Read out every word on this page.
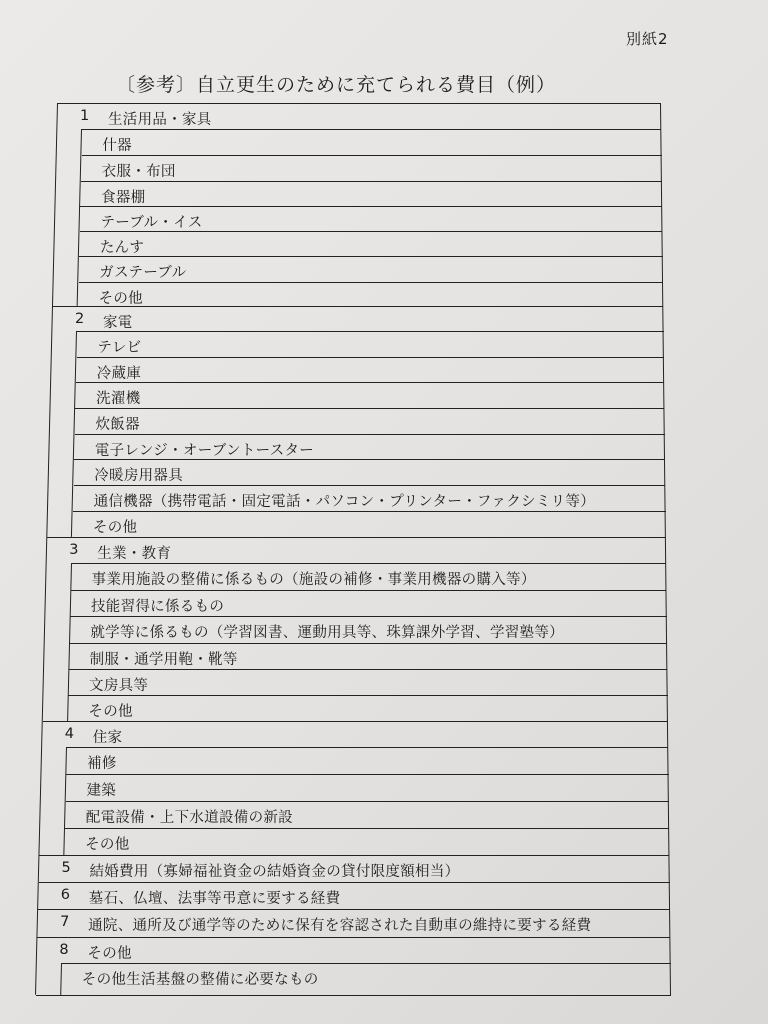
別紙2
〔参考〕自立更生のために充てられる費目（例）
1 生活用品・家具
什器
衣服・布団
食器棚
テーブル・イス
たんす
ガステーブル
その他
2 家電
テレビ
冷蔵庫
洗濯機
炊飯器
電子レンジ・オーブントースター
冷暖房用器具
通信機器（携帯電話・固定電話・パソコン・プリンター・ファクシミリ等）
その他
3 生業・教育
事業用施設の整備に係るもの（施設の補修・事業用機器の購入等）
技能習得に係るもの
就学等に係るもの（学習図書、運動用具等、珠算課外学習、学習塾等）
制服・通学用鞄・靴等
文房具等
その他
4 住家
補修
建築
配電設備・上下水道設備の新設
その他
5 結婚費用（寡婦福祉資金の結婚資金の貸付限度額相当）
6 墓石、仏壇、法事等弔意に要する経費
7 通院、通所及び通学等のために保有を容認された自動車の維持に要する経費
8 その他
その他生活基盤の整備に必要なもの
